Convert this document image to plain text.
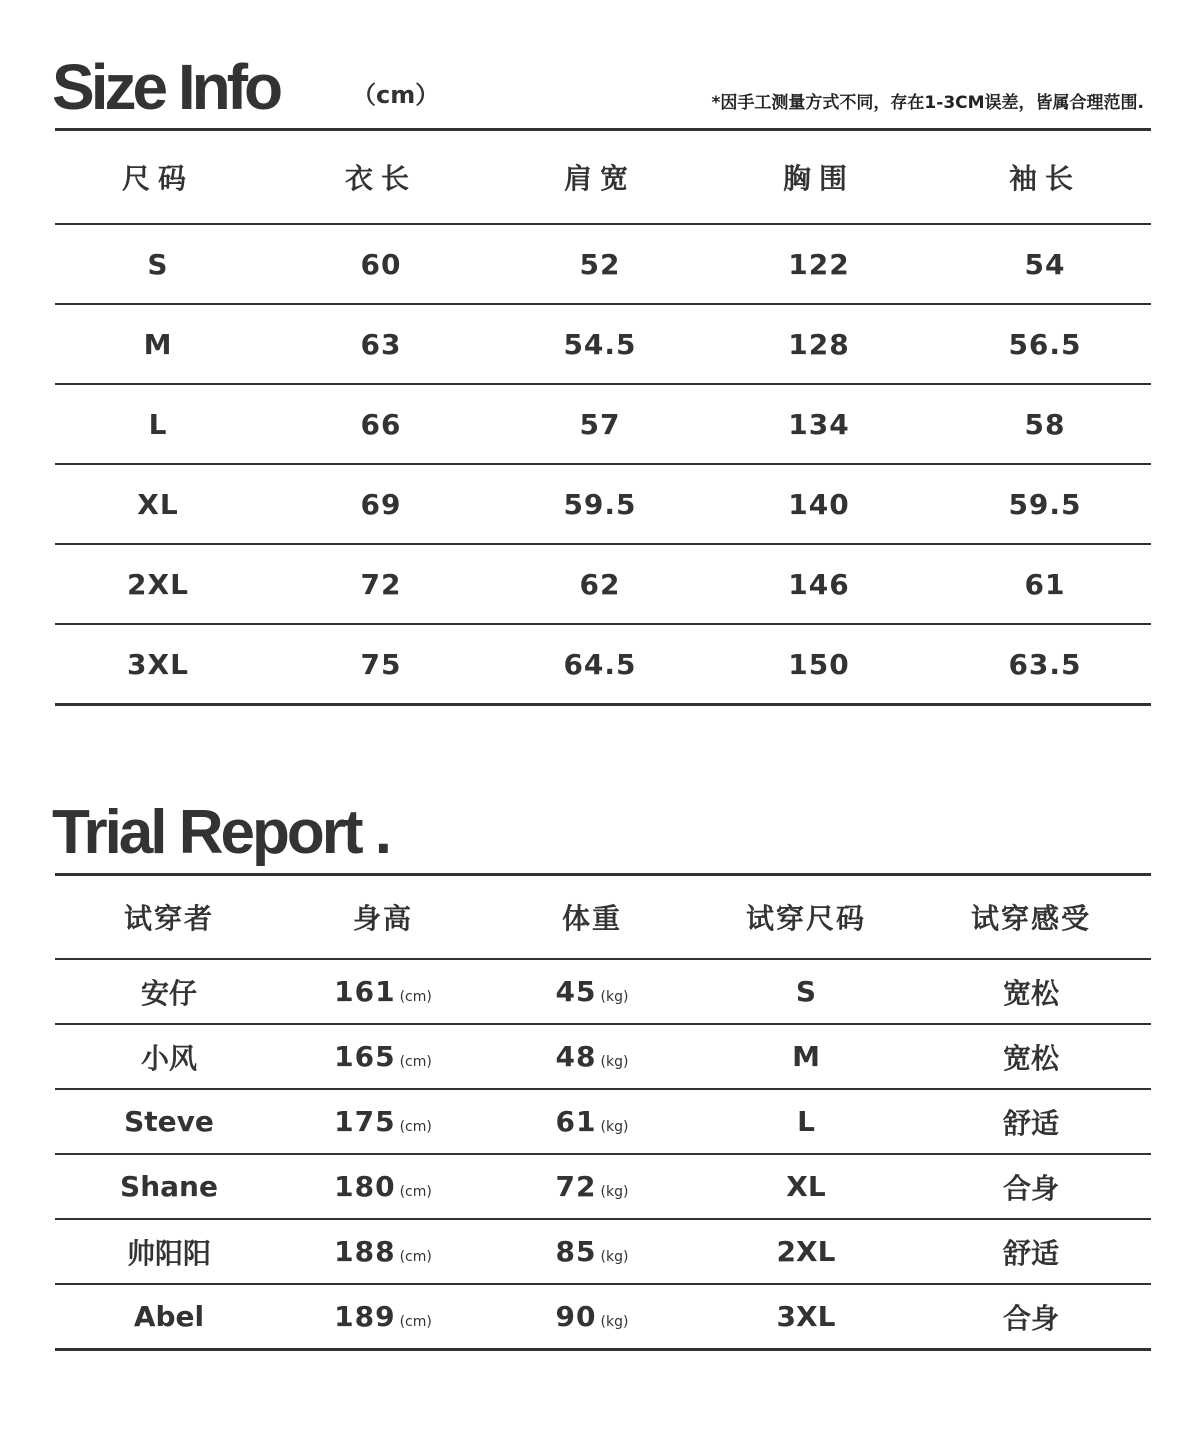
Size Info	（cm）	*因手工测量方式不同，存在1-3CM误差，皆属合理范围.
尺码	衣长	肩宽	胸围	袖长
S	60	52	122	54
M	63	54.5	128	56.5
L	66	57	134	58
XL	69	59.5	140	59.5
2XL	72	62	146	61
3XL	75	64.5	150	63.5
Trial Report .
试穿者	身高	体重	试穿尺码	试穿感受
安仔	161 (cm)	45 (kg)	S	宽松
小风	165 (cm)	48 (kg)	M	宽松
Steve	175 (cm)	61 (kg)	L	舒适
Shane	180 (cm)	72 (kg)	XL	合身
帅阳阳	188 (cm)	85 (kg)	2XL	舒适
Abel	189 (cm)	90 (kg)	3XL	合身
